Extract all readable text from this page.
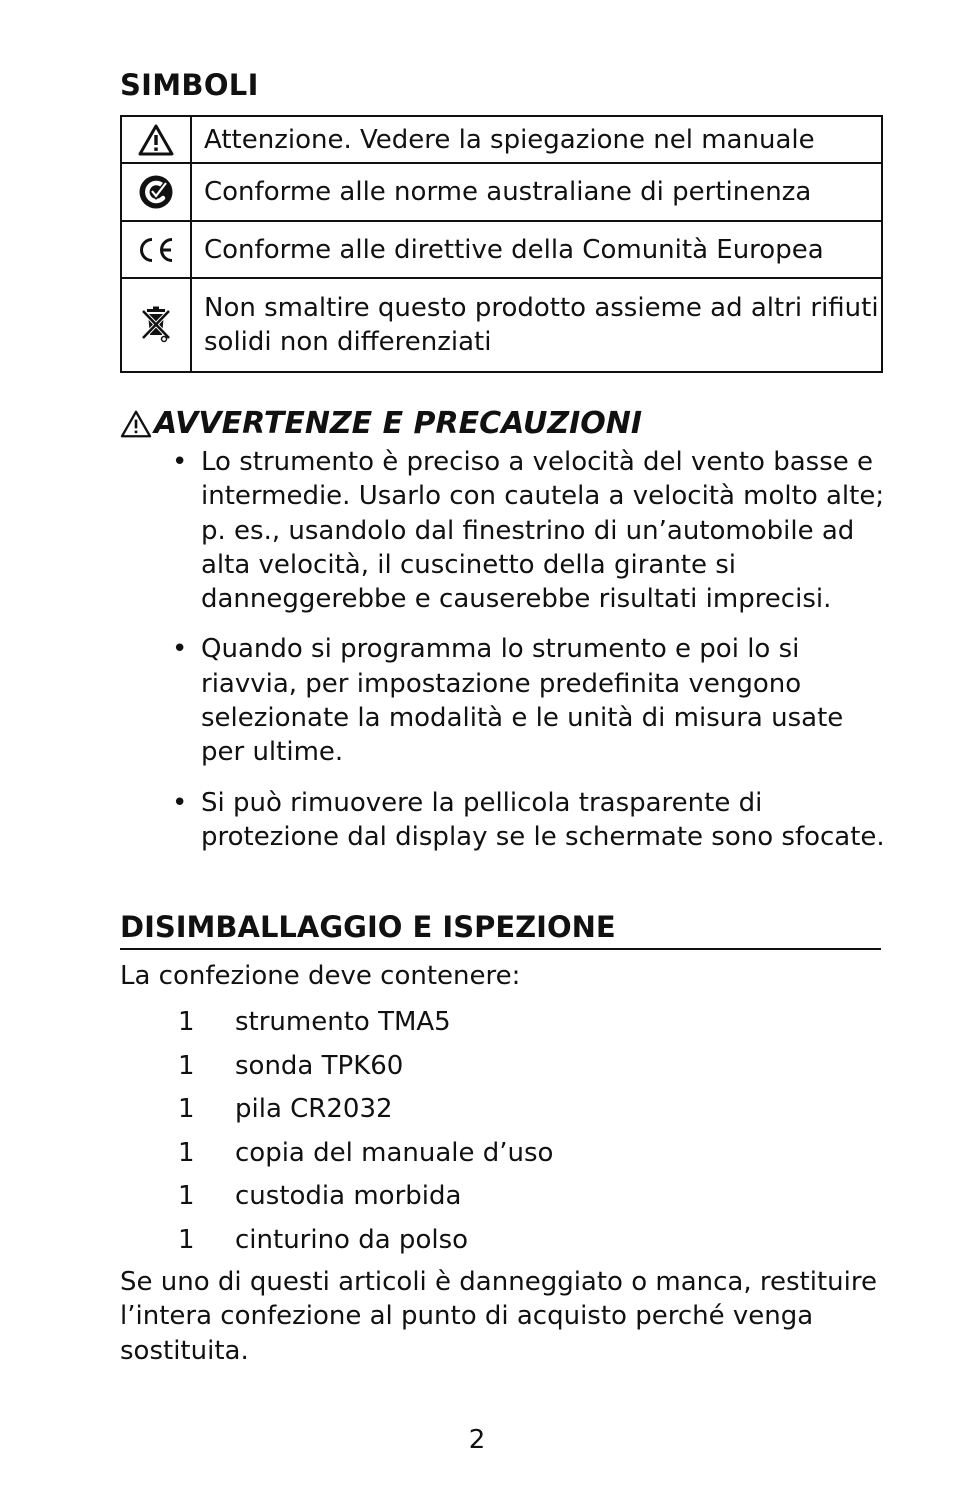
SIMBOLI
	Attenzione. Vedere la spiegazione nel manuale

	Conforme alle norme australiane di pertinenza

	Conforme alle direttive della Comunità Europea

	Non smaltire questo prodotto assieme ad altri rifiuti solidi non differenziati
AVVERTENZE E PRECAUZIONI
• Lo strumento è preciso a velocità del vento basse e intermedie. Usarlo con cautela a velocità molto alte; p. es., usandolo dal finestrino di un’automobile ad alta velocità, il cuscinetto della girante si danneggerebbe e causerebbe risultati imprecisi.
• Quando si programma lo strumento e poi lo si riavvia, per impostazione predefinita vengono selezionate la modalità e le unità di misura usate per ultime.
• Si può rimuovere la pellicola trasparente di protezione dal display se le schermate sono sfocate.
DISIMBALLAGGIO E ISPEZIONE

La confezione deve contenere:

1	strumento TMA5
1	sonda TPK60
1	pila CR2032
1	copia del manuale d’uso
1	custodia morbida
1	cinturino da polso

Se uno di questi articoli è danneggiato o manca, restituire l’intera confezione al punto di acquisto perché venga sostituita.

2
